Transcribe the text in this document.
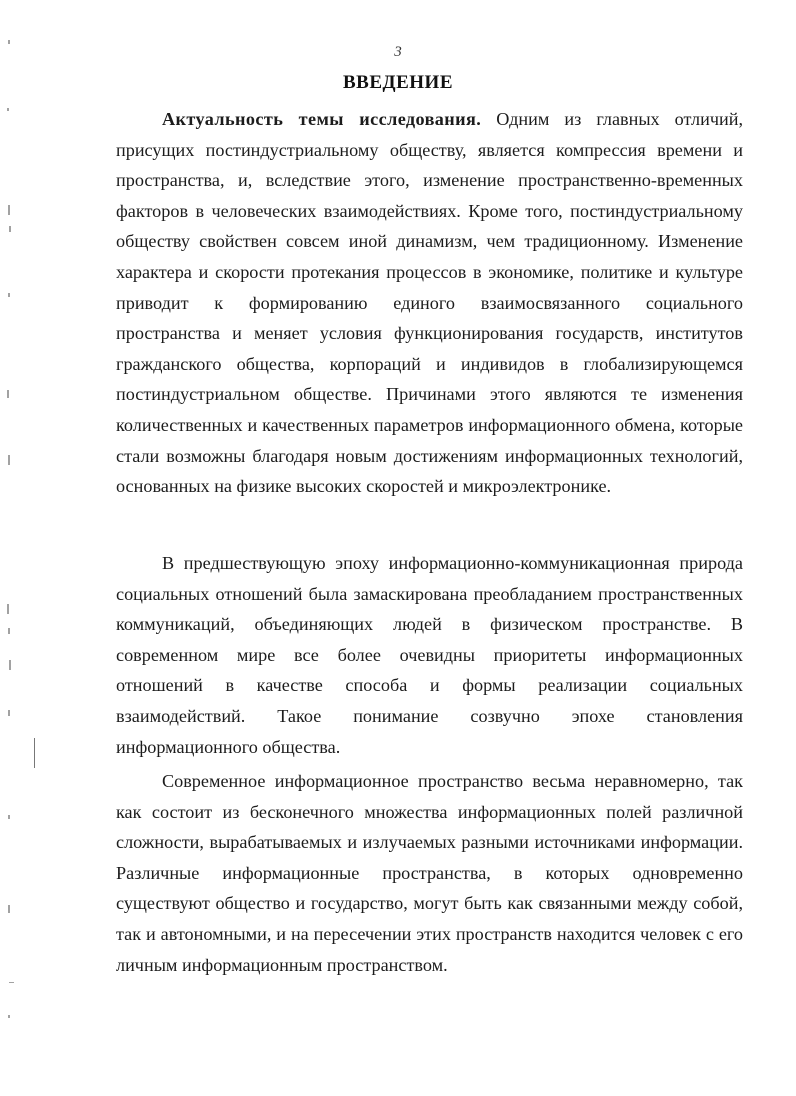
3
ВВЕДЕНИЕ

Актуальность темы исследования. Одним из главных отличий, присущих постиндустриальному обществу, является компрессия времени и пространства, и, вследствие этого, изменение пространственно-временных факторов в человеческих взаимодействиях. Кроме того, постиндустриальному обществу свойствен совсем иной динамизм, чем традиционному. Изменение характера и скорости протекания процессов в экономике, политике и культуре приводит к формированию единого взаимосвязанного социального пространства и меняет условия функционирования государств, институтов гражданского общества, корпораций и индивидов в глобализирующемся постиндустриальном обществе. Причинами этого являются те изменения количественных и качественных параметров информационного обмена, которые стали возможны благодаря новым достижениям информационных технологий, основанных на физике высоких скоростей и микроэлектронике.

В предшествующую эпоху информационно-коммуникационная природа социальных отношений была замаскирована преобладанием пространственных коммуникаций, объединяющих людей в физическом пространстве. В современном мире все более очевидны приоритеты информационных отношений в качестве способа и формы реализации социальных взаимодействий. Такое понимание созвучно эпохе становления информационного общества.

Современное информационное пространство весьма неравномерно, так как состоит из бесконечного множества информационных полей различной сложности, вырабатываемых и излучаемых разными источниками информации. Различные информационные пространства, в которых одновременно существуют общество и государство, могут быть как связанными между собой, так и автономными, и на пересечении этих пространств находится человек с его личным информационным пространством.
